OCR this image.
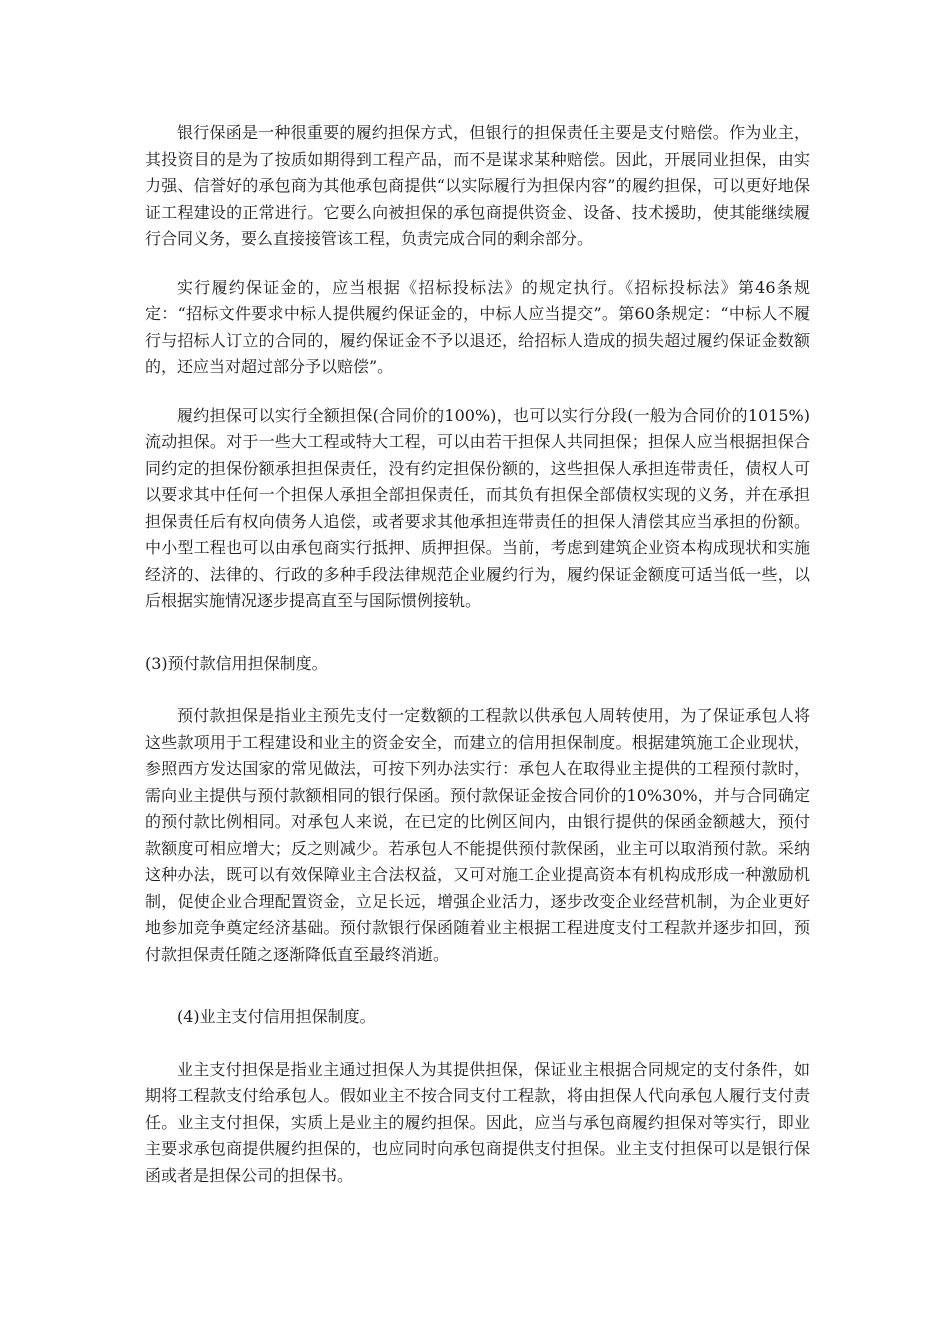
银行保函是一种很重要的履约担保方式，但银行的担保责任主要是支付赔偿。作为业主，其投资目的是为了按质如期得到工程产品，而不是谋求某种赔偿。因此，开展同业担保，由实力强、信誉好的承包商为其他承包商提供“以实际履行为担保内容”的履约担保，可以更好地保证工程建设的正常进行。它要么向被担保的承包商提供资金、设备、技术援助，使其能继续履行合同义务，要么直接接管该工程，负责完成合同的剩余部分。

实行履约保证金的，应当根据《招标投标法》的规定执行。《招标投标法》第46条规定：“招标文件要求中标人提供履约保证金的，中标人应当提交”。第60条规定：“中标人不履行与招标人订立的合同的，履约保证金不予以退还，给招标人造成的损失超过履约保证金数额的，还应当对超过部分予以赔偿”。

履约担保可以实行全额担保(合同价的100%)，也可以实行分段(一般为合同价的1015%)流动担保。对于一些大工程或特大工程，可以由若干担保人共同担保；担保人应当根据担保合同约定的担保份额承担担保责任，没有约定担保份额的，这些担保人承担连带责任，债权人可以要求其中任何一个担保人承担全部担保责任，而其负有担保全部债权实现的义务，并在承担担保责任后有权向债务人追偿，或者要求其他承担连带责任的担保人清偿其应当承担的份额。中小型工程也可以由承包商实行抵押、质押担保。当前，考虑到建筑企业资本构成现状和实施经济的、法律的、行政的多种手段法律规范企业履约行为，履约保证金额度可适当低一些，以后根据实施情况逐步提高直至与国际惯例接轨。

(3)预付款信用担保制度。

预付款担保是指业主预先支付一定数额的工程款以供承包人周转使用，为了保证承包人将这些款项用于工程建设和业主的资金安全，而建立的信用担保制度。根据建筑施工企业现状，参照西方发达国家的常见做法，可按下列办法实行：承包人在取得业主提供的工程预付款时，需向业主提供与预付款额相同的银行保函。预付款保证金按合同价的10%30%，并与合同确定的预付款比例相同。对承包人来说，在已定的比例区间内，由银行提供的保函金额越大，预付款额度可相应增大；反之则减少。若承包人不能提供预付款保函，业主可以取消预付款。采纳这种办法，既可以有效保障业主合法权益，又可对施工企业提高资本有机构成形成一种激励机制，促使企业合理配置资金，立足长远，增强企业活力，逐步改变企业经营机制，为企业更好地参加竞争奠定经济基础。预付款银行保函随着业主根据工程进度支付工程款并逐步扣回，预付款担保责任随之逐渐降低直至最终消逝。

(4)业主支付信用担保制度。

业主支付担保是指业主通过担保人为其提供担保，保证业主根据合同规定的支付条件，如期将工程款支付给承包人。假如业主不按合同支付工程款，将由担保人代向承包人履行支付责任。业主支付担保，实质上是业主的履约担保。因此，应当与承包商履约担保对等实行，即业主要求承包商提供履约担保的，也应同时向承包商提供支付担保。业主支付担保可以是银行保函或者是担保公司的担保书。
